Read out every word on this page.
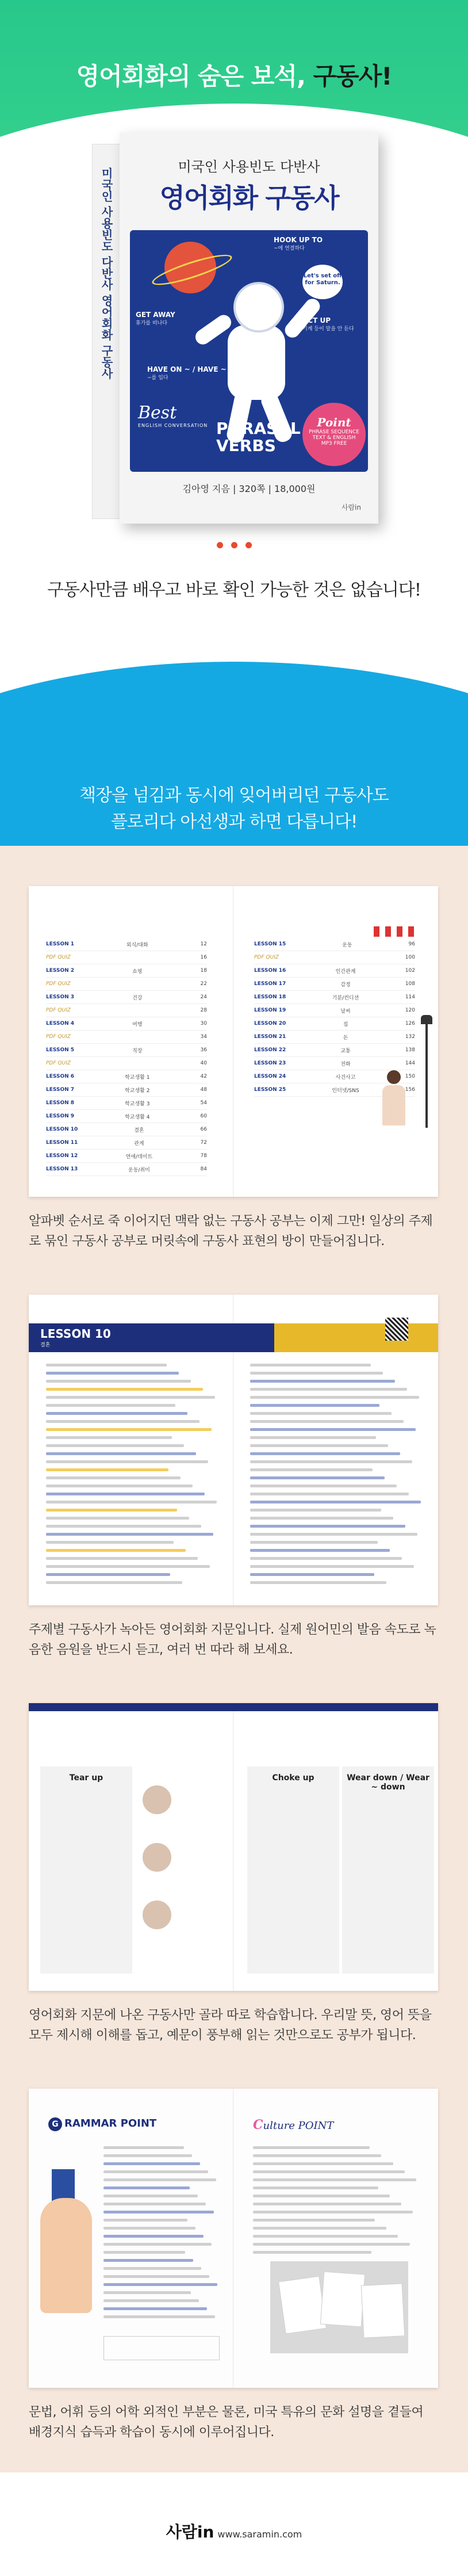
영어회화의 숨은 보석, 구동사!
미국인 사용빈도 다반사 영어회화 구동사
미국인 사용빈도 다반사
영어회화 구동사
Let's set off for Saturn.
HOOK UP TO
~에 연결하다
GET AWAY
휴가를 떠나다	ACT UP
기계 등이 말을 안 듣다
SET OFF
여정을 출발하다
HAVE ON ~ / HAVE ~ ON
~를 입다
Best
ENGLISH CONVERSATION PHRASAL
VERBS
Point
PHRASE SEQUENCE TEXT & ENGLISH MP3 FREE
김아영 지음 | 320쪽 | 18,000원
사람in
구동사만큼 배우고 바로 확인 가능한 것은 없습니다!
책장을 넘김과 동시에 잊어버리던 구동사도
플로리다 아선생과 하면 다릅니다!
LESSON 1	외식/대화	12
PDF QUIZ	16
LESSON 2	쇼핑	18
PDF QUIZ	22
LESSON 3	건강	24
PDF QUIZ	28
LESSON 4	여행	30
PDF QUIZ	34
LESSON 5	직장	36
PDF QUIZ	40
LESSON 6	학교생활 1	42
LESSON 7	학교생활 2	48
LESSON 8	학교생활 3	54
LESSON 9	학교생활 4	60
LESSON 10	결혼	66
LESSON 11	관계	72
LESSON 12	연애/데이트	78
LESSON 13	운동/취미	84
LESSON 15	운동	96
PDF QUIZ	100
LESSON 16	인간관계	102
LESSON 17	감정	108
LESSON 18	기분/컨디션	114
LESSON 19	날씨	120
LESSON 20	집	126
LESSON 21	돈	132
LESSON 22	교통	138
LESSON 23	전화	144
LESSON 24	사건사고	150
LESSON 25	인터넷/SNS	156
알파벳 순서로 죽 이어지던 맥락 없는 구동사 공부는 이제 그만! 일상의 주제로 묶인 구동사 공부로 머릿속에 구동사 표현의 방이 만들어집니다.
LESSON 10
결혼
주제별 구동사가 녹아든 영어회화 지문입니다. 실제 원어민의 발음 속도로 녹음한 음원을 반드시 듣고, 여러 번 따라 해 보세요.
Tear up	Choke up	Wear down / Wear ~ down
영어회화 지문에 나온 구동사만 골라 따로 학습합니다. 우리말 뜻, 영어 뜻을 모두 제시해 이해를 돕고, 예문이 풍부해 읽는 것만으로도 공부가 됩니다.
G RAMMAR POINT	Culture POINT
문법, 어휘 등의 어학 외적인 부분은 물론, 미국 특유의 문화 설명을 곁들여 배경지식 습득과 학습이 동시에 이루어집니다.
사람in www.saramin.com
